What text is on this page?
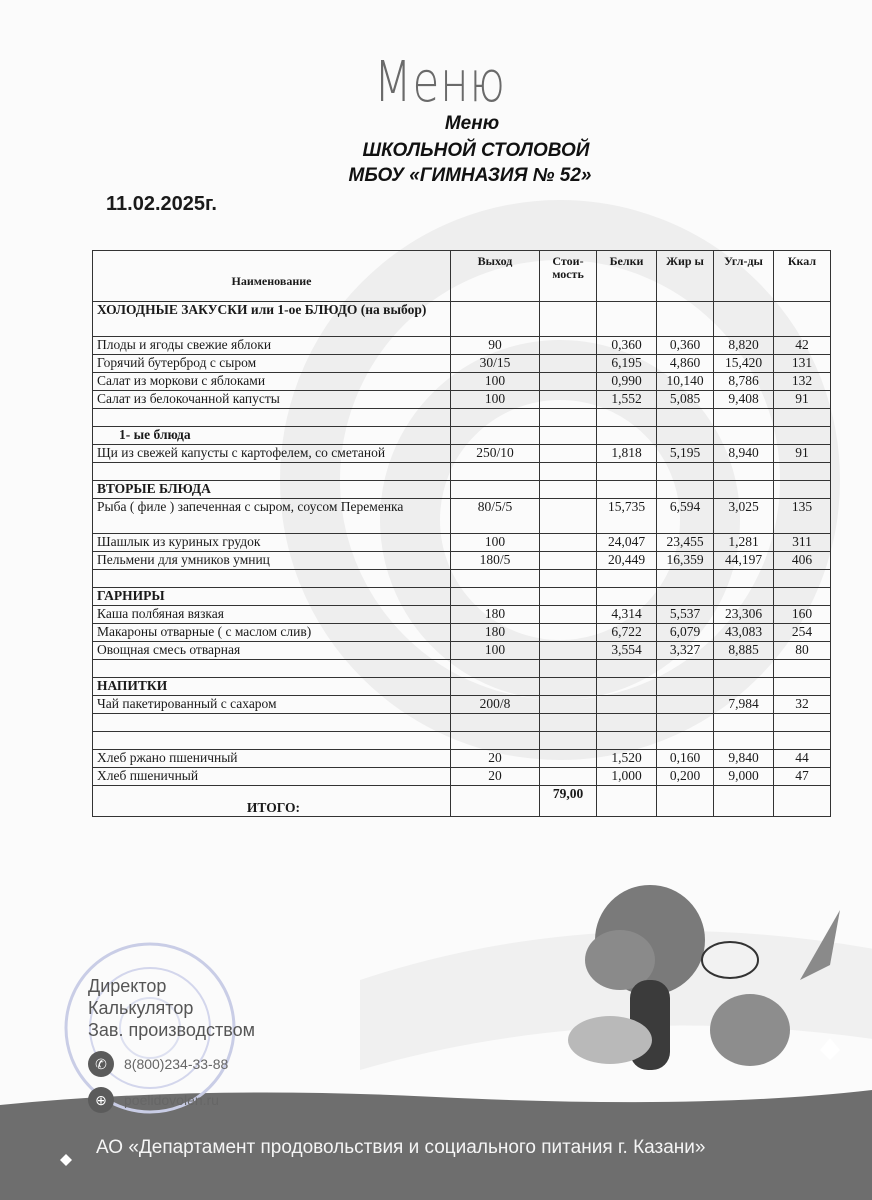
Меню
Меню
ШКОЛЬНОЙ СТОЛОВОЙ
МБОУ «ГИМНАЗИЯ № 52»
11.02.2025г.
Наименование	Выход	Стои-мость	Белки	Жир ы	Угл-ды	Ккал
ХОЛОДНЫЕ ЗАКУСКИ или 1-ое БЛЮДО (на выбор)						
Плоды и ягоды свежие яблоки	90		0,360	0,360	8,820	42
Горячий бутерброд с сыром	30/15		6,195	4,860	15,420	131
Салат из моркови с яблоками	100		0,990	10,140	8,786	132
Салат из белокочанной капусты	100		1,552	5,085	9,408	91

1- ые блюда						
Щи из свежей капусты с картофелем, со сметаной	250/10		1,818	5,195	8,940	91

ВТОРЫЕ БЛЮДА						
Рыба ( филе ) запеченная с сыром, соусом Переменка	80/5/5		15,735	6,594	3,025	135
Шашлык из куриных грудок	100		24,047	23,455	1,281	311
Пельмени для умников умниц	180/5		20,449	16,359	44,197	406

ГАРНИРЫ						
Каша полбяная вязкая	180		4,314	5,537	23,306	160
Макароны отварные ( с маслом слив)	180		6,722	6,079	43,083	254
Овощная смесь отварная	100		3,554	3,327	8,885	80

НАПИТКИ						
Чай пакетированный с сахаром	200/8				7,984	32

Хлеб ржано пшеничный	20		1,520	0,160	9,840	44
Хлеб пшеничный	20		1,000	0,200	9,000	47
ИТОГО:		79,00				
Директор
Калькулятор
Зав. производством
✆	8(800)234-33-88
⊕	poelidovolen.ru
АО «Департамент продовольствия и социального питания г. Казани»
